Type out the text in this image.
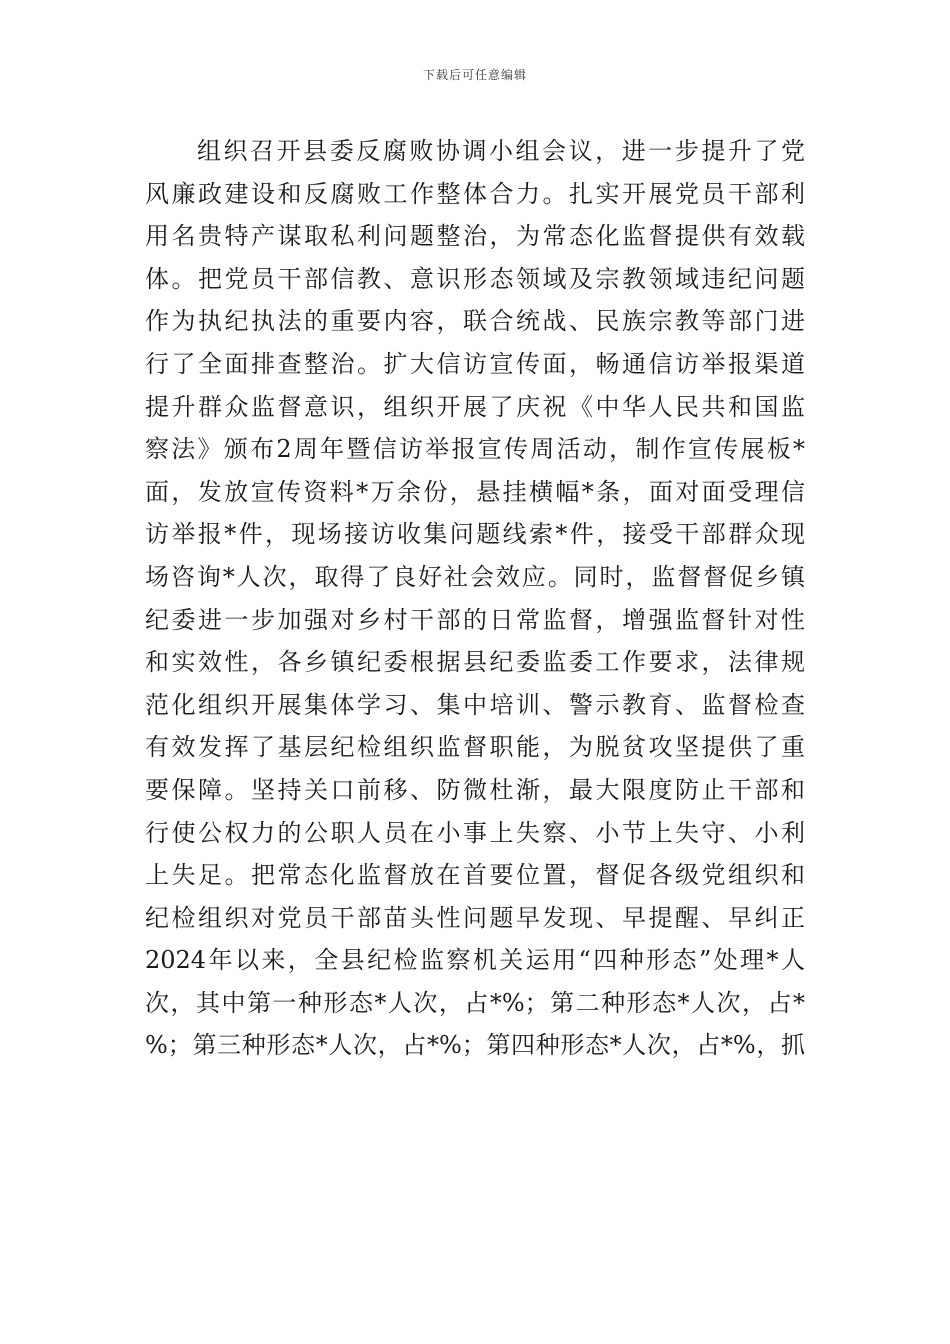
下载后可任意编辑
组织召开县委反腐败协调小组会议，进一步提升了党
风廉政建设和反腐败工作整体合力。扎实开展党员干部利
用名贵特产谋取私利问题整治，为常态化监督提供有效载
体。把党员干部信教、意识形态领域及宗教领域违纪问题
作为执纪执法的重要内容，联合统战、民族宗教等部门进
行了全面排查整治。扩大信访宣传面，畅通信访举报渠道
提升群众监督意识，组织开展了庆祝《中华人民共和国监
察法》颁布2周年暨信访举报宣传周活动，制作宣传展板*
面，发放宣传资料*万余份，悬挂横幅*条，面对面受理信
访举报*件，现场接访收集问题线索*件，接受干部群众现
场咨询*人次，取得了良好社会效应。同时，监督督促乡镇
纪委进一步加强对乡村干部的日常监督，增强监督针对性
和实效性，各乡镇纪委根据县纪委监委工作要求，法律规
范化组织开展集体学习、集中培训、警示教育、监督检查
有效发挥了基层纪检组织监督职能，为脱贫攻坚提供了重
要保障。坚持关口前移、防微杜渐，最大限度防止干部和
行使公权力的公职人员在小事上失察、小节上失守、小利
上失足。把常态化监督放在首要位置，督促各级党组织和
纪检组织对党员干部苗头性问题早发现、早提醒、早纠正
2024年以来，全县纪检监察机关运用“四种形态”处理*人
次，其中第一种形态*人次，占*%；第二种形态*人次，占*
%；第三种形态*人次，占*%；第四种形态*人次，占*%，抓
